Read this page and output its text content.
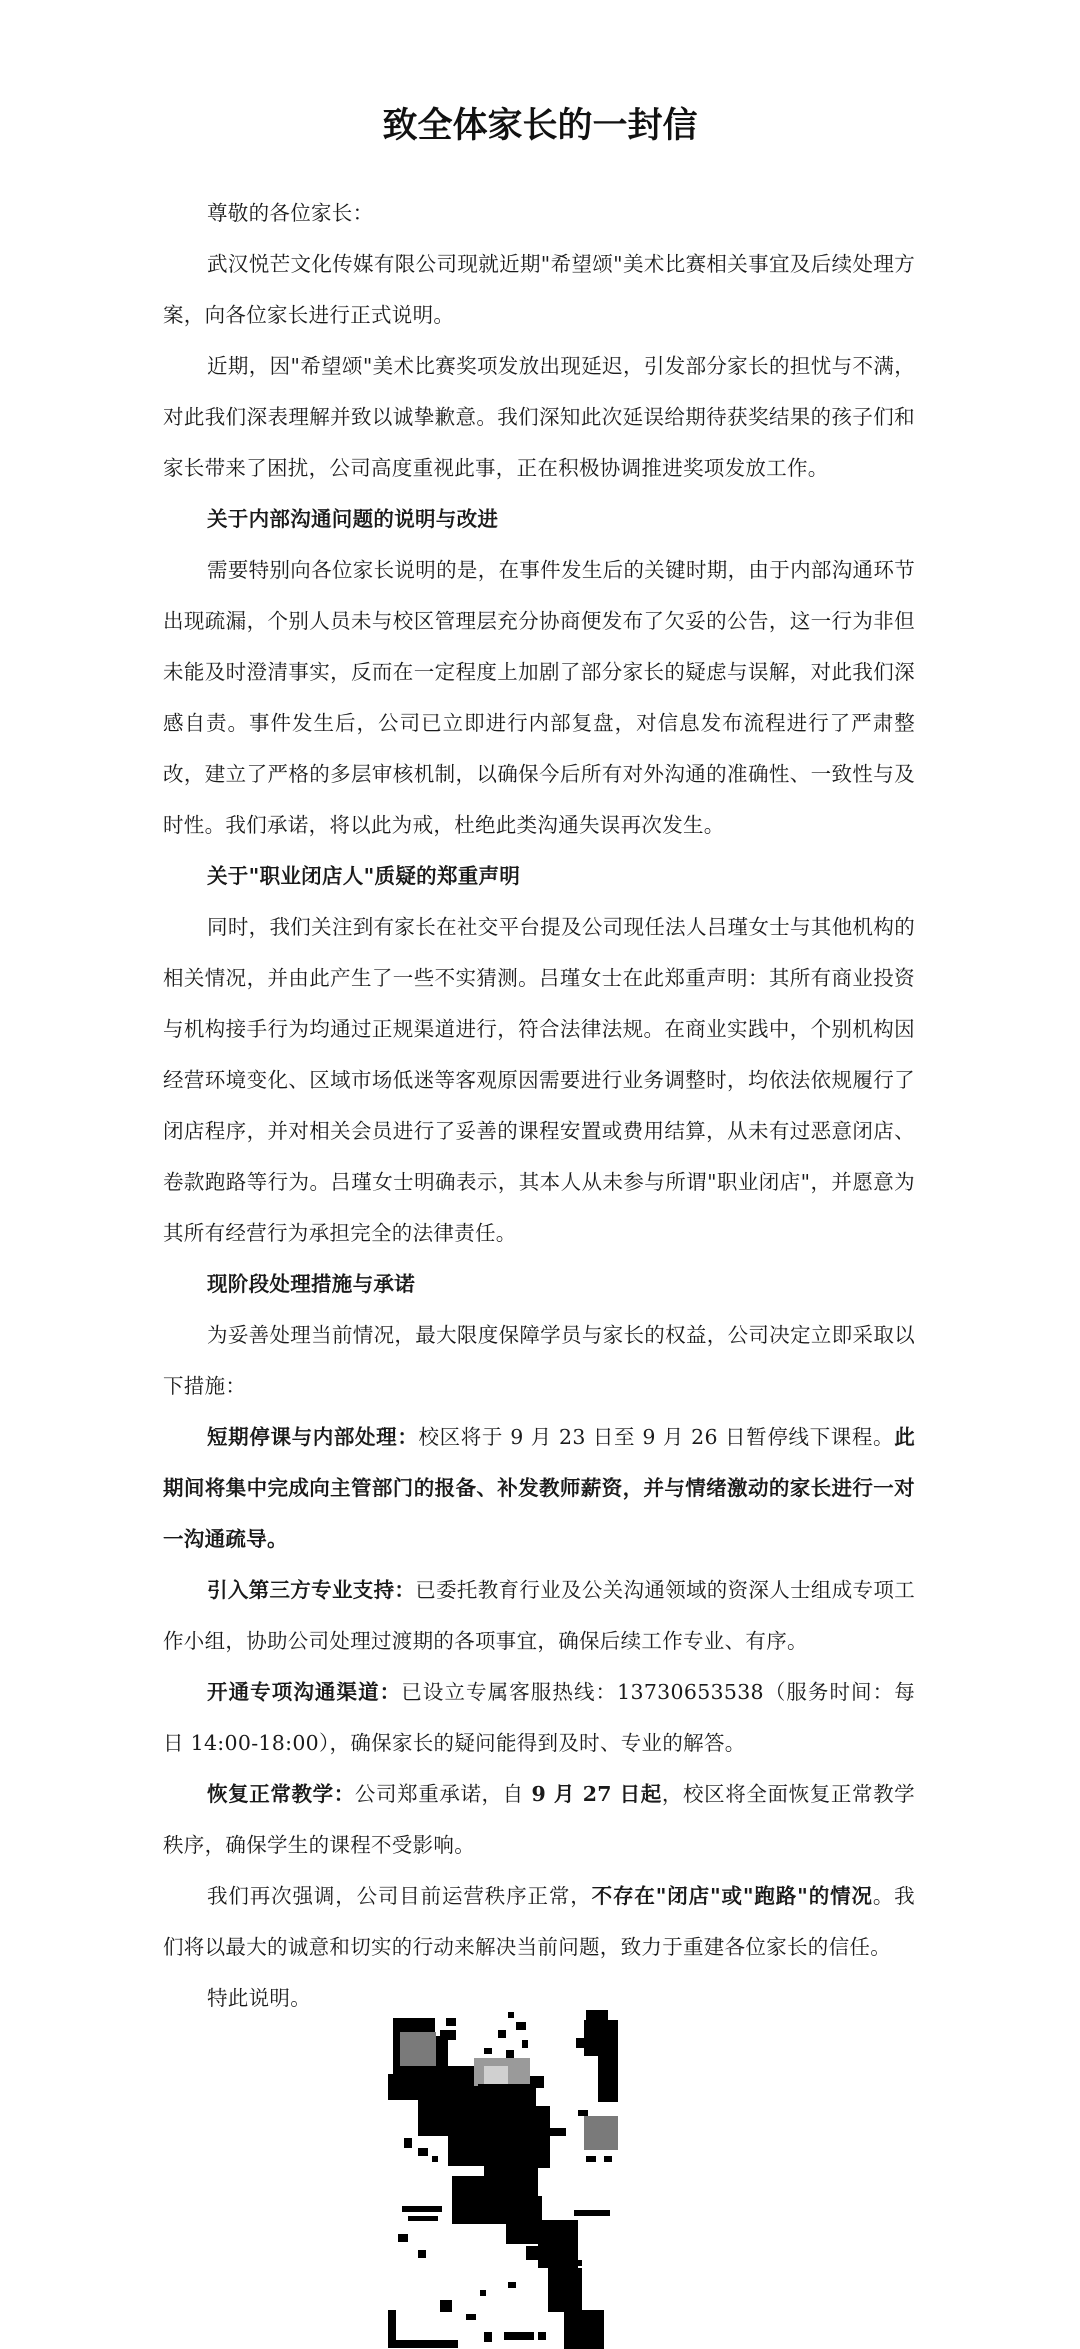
致全体家长的一封信

尊敬的各位家长：

武汉悦芒文化传媒有限公司现就近期"希望颂"美术比赛相关事宜及后续处理方案，向各位家长进行正式说明。

近期，因"希望颂"美术比赛奖项发放出现延迟，引发部分家长的担忧与不满，对此我们深表理解并致以诚挚歉意。我们深知此次延误给期待获奖结果的孩子们和家长带来了困扰，公司高度重视此事，正在积极协调推进奖项发放工作。

关于内部沟通问题的说明与改进

需要特别向各位家长说明的是，在事件发生后的关键时期，由于内部沟通环节出现疏漏，个别人员未与校区管理层充分协商便发布了欠妥的公告，这一行为非但未能及时澄清事实，反而在一定程度上加剧了部分家长的疑虑与误解，对此我们深感自责。事件发生后，公司已立即进行内部复盘，对信息发布流程进行了严肃整改，建立了严格的多层审核机制，以确保今后所有对外沟通的准确性、一致性与及时性。我们承诺，将以此为戒，杜绝此类沟通失误再次发生。

关于"职业闭店人"质疑的郑重声明

同时，我们关注到有家长在社交平台提及公司现任法人吕瑾女士与其他机构的相关情况，并由此产生了一些不实猜测。吕瑾女士在此郑重声明：其所有商业投资与机构接手行为均通过正规渠道进行，符合法律法规。在商业实践中，个别机构因经营环境变化、区域市场低迷等客观原因需要进行业务调整时，均依法依规履行了闭店程序，并对相关会员进行了妥善的课程安置或费用结算，从未有过恶意闭店、卷款跑路等行为。吕瑾女士明确表示，其本人从未参与所谓"职业闭店"，并愿意为其所有经营行为承担完全的法律责任。

现阶段处理措施与承诺

为妥善处理当前情况，最大限度保障学员与家长的权益，公司决定立即采取以下措施：

短期停课与内部处理：校区将于 9 月 23 日至 9 月 26 日暂停线下课程。此期间将集中完成向主管部门的报备、补发教师薪资，并与情绪激动的家长进行一对一沟通疏导。

引入第三方专业支持：已委托教育行业及公关沟通领域的资深人士组成专项工作小组，协助公司处理过渡期的各项事宜，确保后续工作专业、有序。

开通专项沟通渠道：已设立专属客服热线：13730653538（服务时间：每日 14:00-18:00），确保家长的疑问能得到及时、专业的解答。

恢复正常教学：公司郑重承诺，自 9 月 27 日起，校区将全面恢复正常教学秩序，确保学生的课程不受影响。

我们再次强调，公司目前运营秩序正常，不存在"闭店"或"跑路"的情况。我们将以最大的诚意和切实的行动来解决当前问题，致力于重建各位家长的信任。

特此说明。
